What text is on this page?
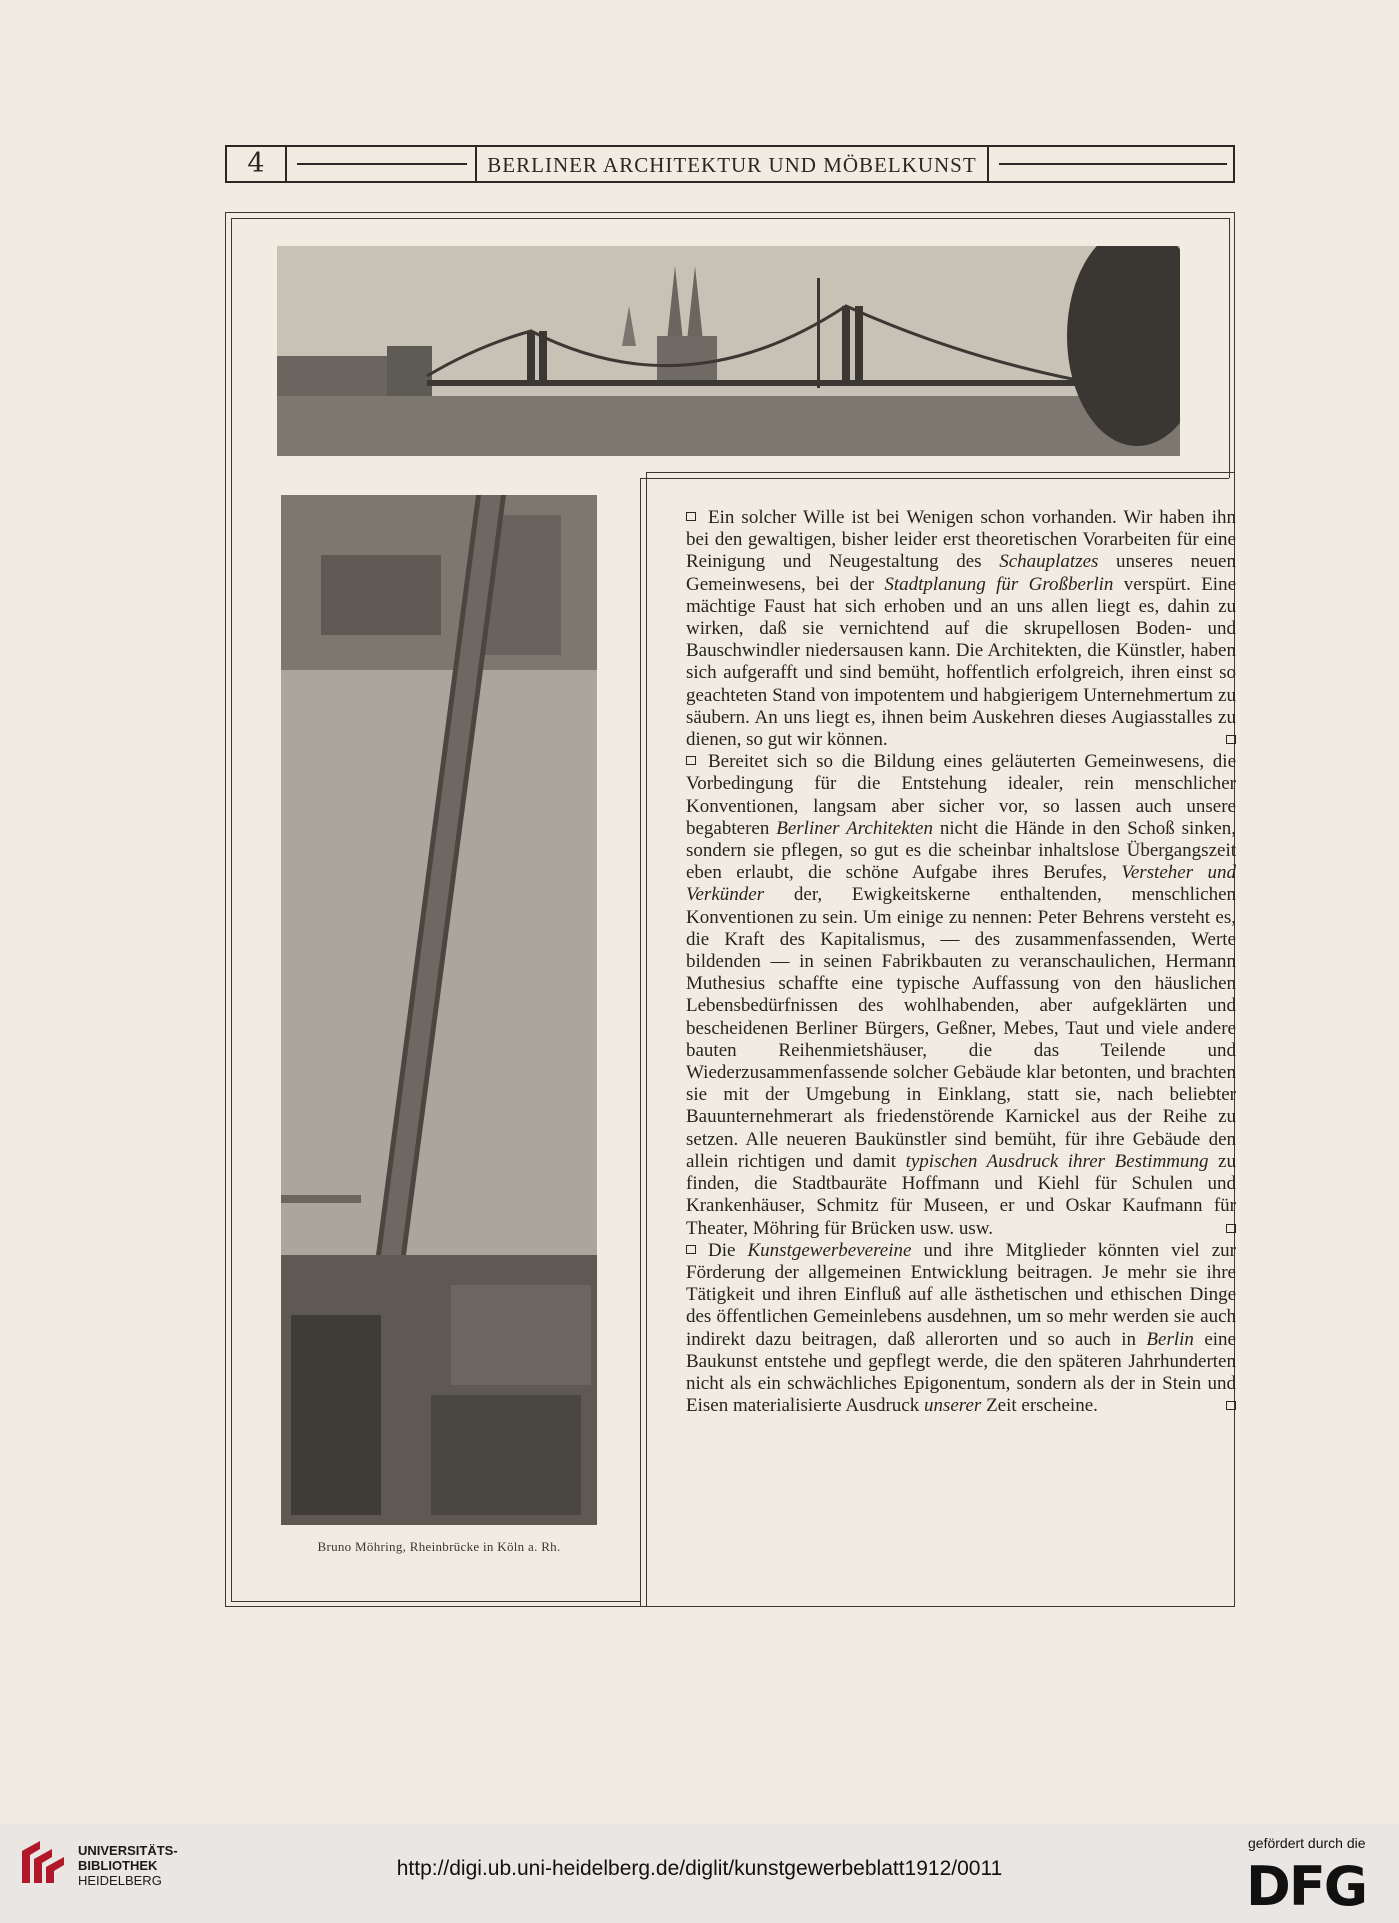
4	BERLINER ARCHITEKTUR UND MÖBELKUNST
Bruno Möhring, Rheinbrücke in Köln a. Rh.

Ein solcher Wille ist bei Wenigen schon vorhanden. Wir haben ihn bei den gewaltigen, bisher leider erst theoretischen Vorarbeiten für eine Reinigung und Neugestaltung des Schauplatzes unseres neuen Gemeinwesens, bei der Stadtplanung für Großberlin verspürt. Eine mächtige Faust hat sich erhoben und an uns allen liegt es, dahin zu wirken, daß sie vernichtend auf die skrupellosen Boden- und Bauschwindler niedersausen kann. Die Architekten, die Künstler, haben sich aufgerafft und sind bemüht, hoffentlich erfolgreich, ihren einst so geachteten Stand von impotentem und habgierigem Unternehmertum zu säubern. An uns liegt es, ihnen beim Auskehren dieses Augiasstalles zu dienen, so gut wir können.

Bereitet sich so die Bildung eines geläuterten Gemeinwesens, die Vorbedingung für die Entstehung idealer, rein menschlicher Konventionen, langsam aber sicher vor, so lassen auch unsere begabteren Berliner Architekten nicht die Hände in den Schoß sinken, sondern sie pflegen, so gut es die scheinbar inhaltslose Übergangszeit eben erlaubt, die schöne Aufgabe ihres Berufes, Versteher und Verkünder der, Ewigkeitskerne enthaltenden, menschlichen Konventionen zu sein. Um einige zu nennen: Peter Behrens versteht es, die Kraft des Kapitalismus, — des zusammenfassenden, Werte bildenden — in seinen Fabrikbauten zu veranschaulichen, Hermann Muthesius schaffte eine typische Auffassung von den häuslichen Lebensbedürfnissen des wohlhabenden, aber aufgeklärten und bescheidenen Berliner Bürgers, Geßner, Mebes, Taut und viele andere bauten Reihenmietshäuser, die das Teilende und Wiederzusammenfassende solcher Gebäude klar betonten, und brachten sie mit der Umgebung in Einklang, statt sie, nach beliebter Bauunternehmerart als friedenstörende Karnickel aus der Reihe zu setzen. Alle neueren Baukünstler sind bemüht, für ihre Gebäude den allein richtigen und damit typischen Ausdruck ihrer Bestimmung zu finden, die Stadtbauräte Hoffmann und Kiehl für Schulen und Krankenhäuser, Schmitz für Museen, er und Oskar Kaufmann für Theater, Möhring für Brücken usw. usw.

Die Kunstgewerbevereine und ihre Mitglieder könnten viel zur Förderung der allgemeinen Entwicklung beitragen. Je mehr sie ihre Tätigkeit und ihren Einfluß auf alle ästhetischen und ethischen Dinge des öffentlichen Gemeinlebens ausdehnen, um so mehr werden sie auch indirekt dazu beitragen, daß allerorten und so auch in Berlin eine Baukunst entstehe und gepflegt werde, die den späteren Jahrhunderten nicht als ein schwächliches Epigonentum, sondern als der in Stein und Eisen materialisierte Ausdruck unserer Zeit erscheine.

UNIVERSITÄTS-
BIBLIOTHEK
HEIDELBERG
http://digi.ub.uni-heidelberg.de/diglit/kunstgewerbeblatt1912/0011
gefördert durch die
DFG
